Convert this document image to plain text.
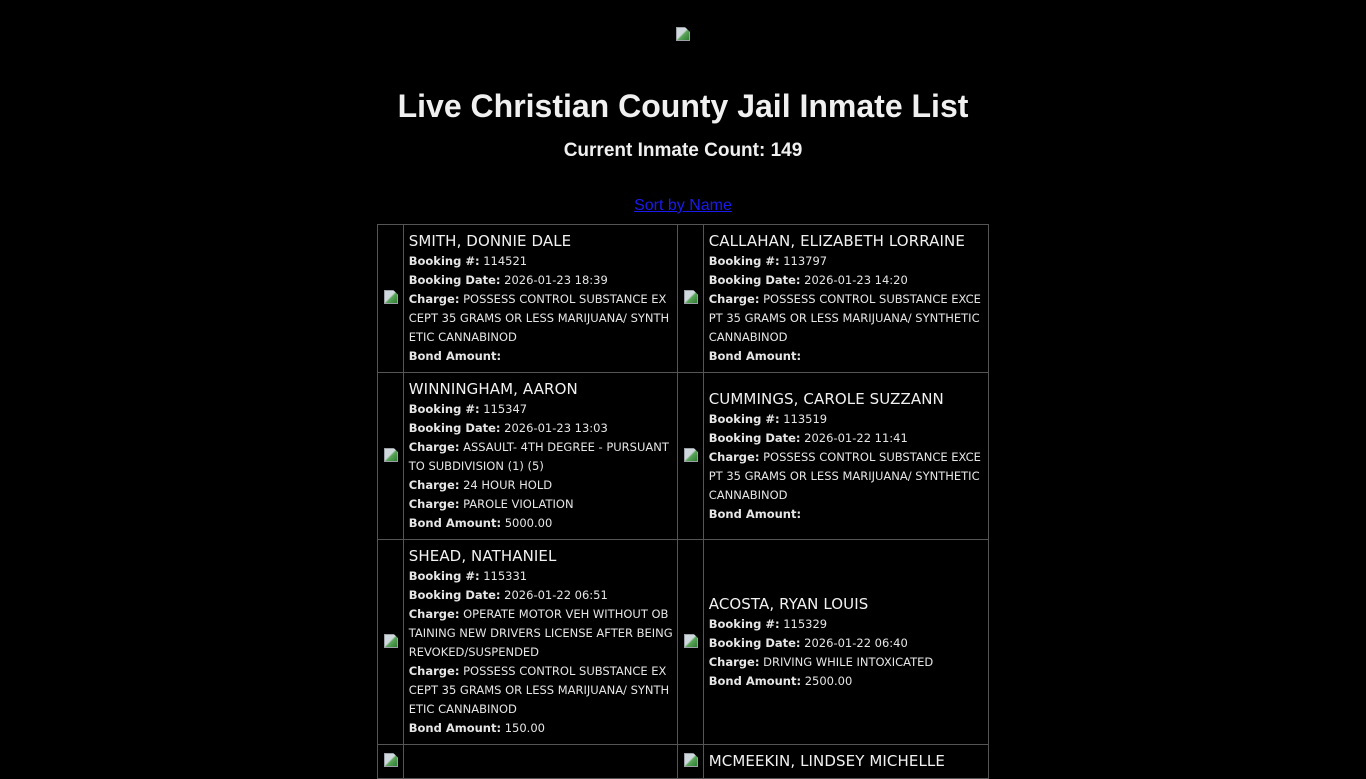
Live Christian County Jail Inmate List
Current Inmate Count: 149
Sort by Name

SMITH, DONNIE DALE
Booking #: 114521
Booking Date: 2026-01-23 18:39
Charge: POSSESS CONTROL SUBSTANCE EXCEPT 35 GRAMS OR LESS MARIJUANA/ SYNTHETIC CANNABINOD
Bond Amount:

CALLAHAN, ELIZABETH LORRAINE
Booking #: 113797
Booking Date: 2026-01-23 14:20
Charge: POSSESS CONTROL SUBSTANCE EXCEPT 35 GRAMS OR LESS MARIJUANA/ SYNTHETIC CANNABINOD
Bond Amount:

WINNINGHAM, AARON
Booking #: 115347
Booking Date: 2026-01-23 13:03
Charge: ASSAULT- 4TH DEGREE - PURSUANT TO SUBDIVISION (1) (5)
Charge: 24 HOUR HOLD
Charge: PAROLE VIOLATION
Bond Amount: 5000.00

CUMMINGS, CAROLE SUZZANN
Booking #: 113519
Booking Date: 2026-01-22 11:41
Charge: POSSESS CONTROL SUBSTANCE EXCEPT 35 GRAMS OR LESS MARIJUANA/ SYNTHETIC CANNABINOD
Bond Amount:

SHEAD, NATHANIEL
Booking #: 115331
Booking Date: 2026-01-22 06:51
Charge: OPERATE MOTOR VEH WITHOUT OBTAINING NEW DRIVERS LICENSE AFTER BEING REVOKED/SUSPENDED
Charge: POSSESS CONTROL SUBSTANCE EXCEPT 35 GRAMS OR LESS MARIJUANA/ SYNTHETIC CANNABINOD
Bond Amount: 150.00

ACOSTA, RYAN LOUIS
Booking #: 115329
Booking Date: 2026-01-22 06:40
Charge: DRIVING WHILE INTOXICATED
Bond Amount: 2500.00

			MCMEEKIN, LINDSEY MICHELLE
